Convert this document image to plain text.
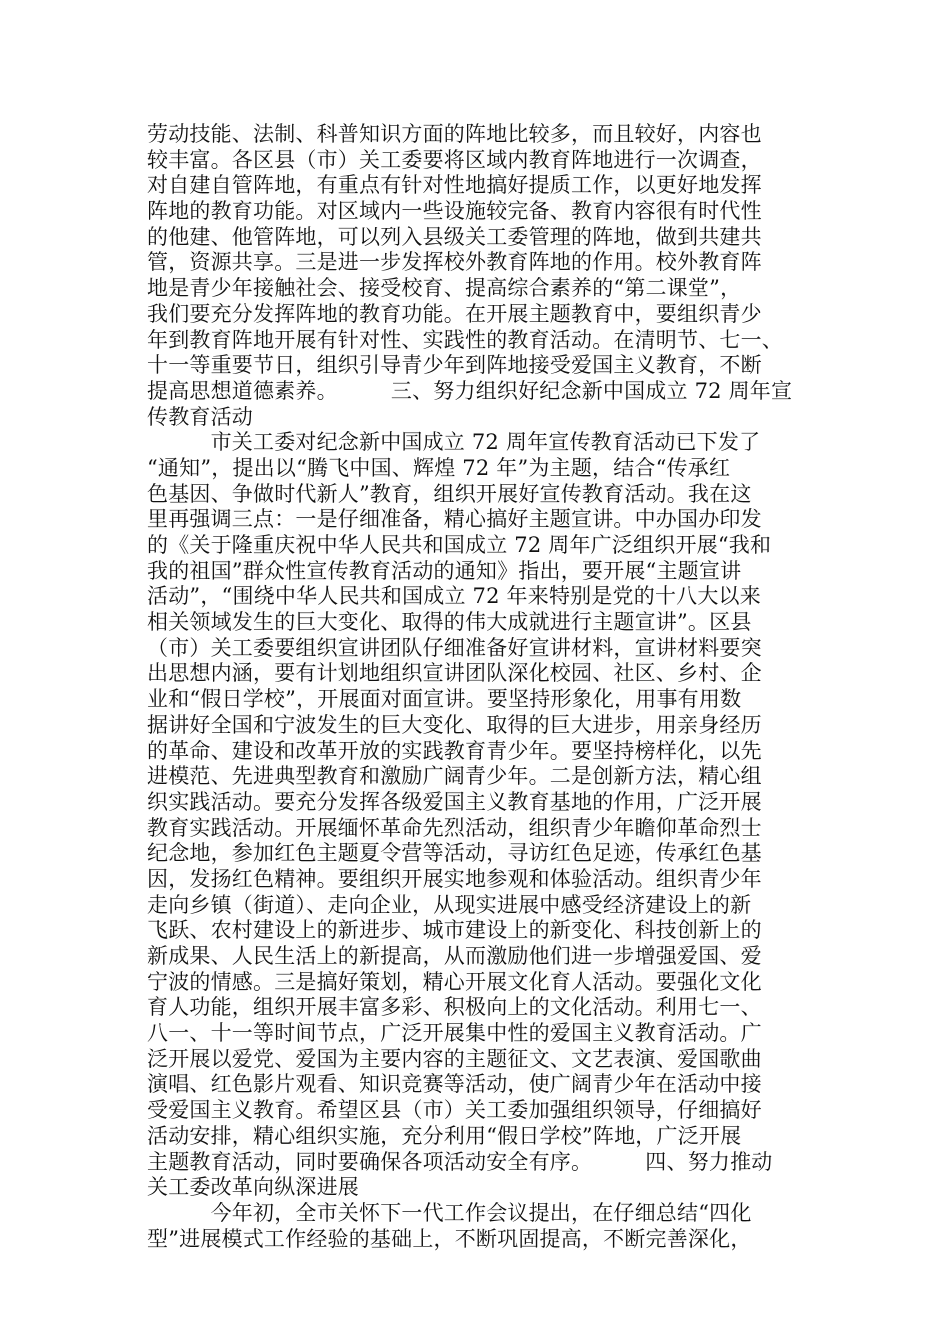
劳动技能、法制、科普知识方面的阵地比较多，而且较好，内容也
较丰富。各区县（市）关工委要将区域内教育阵地进行一次调查，
对自建自管阵地，有重点有针对性地搞好提质工作，以更好地发挥
阵地的教育功能。对区域内一些设施较完备、教育内容很有时代性
的他建、他管阵地，可以列入县级关工委管理的阵地，做到共建共
管，资源共享。三是进一步发挥校外教育阵地的作用。校外教育阵
地是青少年接触社会、接受校育、提高综合素养的“第二课堂”，
我们要充分发挥阵地的教育功能。在开展主题教育中，要组织青少
年到教育阵地开展有针对性、实践性的教育活动。在清明节、七一、
十一等重要节日，组织引导青少年到阵地接受爱国主义教育，不断
提高思想道德素养。　　　三、努力组织好纪念新中国成立 72 周年宣
传教育活动
　　　市关工委对纪念新中国成立 72 周年宣传教育活动已下发了
“通知”，提出以“腾飞中国、辉煌 72 年”为主题，结合“传承红
色基因、争做时代新人”教育，组织开展好宣传教育活动。我在这
里再强调三点：一是仔细准备，精心搞好主题宣讲。中办国办印发
的《关于隆重庆祝中华人民共和国成立 72 周年广泛组织开展“我和
我的祖国”群众性宣传教育活动的通知》指出，要开展“主题宣讲
活动”，“围绕中华人民共和国成立 72 年来特别是党的十八大以来
相关领域发生的巨大变化、取得的伟大成就进行主题宣讲”。区县
（市）关工委要组织宣讲团队仔细准备好宣讲材料，宣讲材料要突
出思想内涵，要有计划地组织宣讲团队深化校园、社区、乡村、企
业和“假日学校”，开展面对面宣讲。要坚持形象化，用事有用数
据讲好全国和宁波发生的巨大变化、取得的巨大进步，用亲身经历
的革命、建设和改革开放的实践教育青少年。要坚持榜样化，以先
进模范、先进典型教育和激励广阔青少年。二是创新方法，精心组
织实践活动。要充分发挥各级爱国主义教育基地的作用，广泛开展
教育实践活动。开展缅怀革命先烈活动，组织青少年瞻仰革命烈士
纪念地，参加红色主题夏令营等活动，寻访红色足迹，传承红色基
因，发扬红色精神。要组织开展实地参观和体验活动。组织青少年
走向乡镇（街道）、走向企业，从现实进展中感受经济建设上的新
飞跃、农村建设上的新进步、城市建设上的新变化、科技创新上的
新成果、人民生活上的新提高，从而激励他们进一步增强爱国、爱
宁波的情感。三是搞好策划，精心开展文化育人活动。要强化文化
育人功能，组织开展丰富多彩、积极向上的文化活动。利用七一、
八一、十一等时间节点，广泛开展集中性的爱国主义教育活动。广
泛开展以爱党、爱国为主要内容的主题征文、文艺表演、爱国歌曲
演唱、红色影片观看、知识竞赛等活动，使广阔青少年在活动中接
受爱国主义教育。希望区县（市）关工委加强组织领导，仔细搞好
活动安排，精心组织实施，充分利用“假日学校”阵地，广泛开展
主题教育活动，同时要确保各项活动安全有序。　　　四、努力推动
关工委改革向纵深进展
　　　今年初，全市关怀下一代工作会议提出，在仔细总结“四化
型”进展模式工作经验的基础上，不断巩固提高，不断完善深化，
